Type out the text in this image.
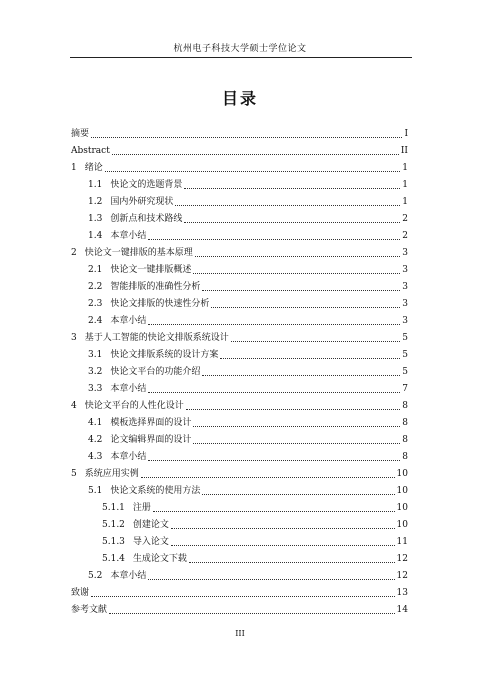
杭州电子科技大学硕士学位论文
目录
摘要	I
Abstract	II
1 绪论	1
1.1 快论文的选题背景	1
1.2 国内外研究现状	1
1.3 创新点和技术路线	2
1.4 本章小结	2
2 快论文一键排版的基本原理	3
2.1 快论文一键排版概述	3
2.2 智能排版的准确性分析	3
2.3 快论文排版的快速性分析	3
2.4 本章小结	3
3 基于人工智能的快论文排版系统设计	5
3.1 快论文排版系统的设计方案	5
3.2 快论文平台的功能介绍	5
3.3 本章小结	7
4 快论文平台的人性化设计	8
4.1 模板选择界面的设计	8
4.2 论文编辑界面的设计	8
4.3 本章小结	8
5 系统应用实例	10
5.1 快论文系统的使用方法	10
5.1.1 注册	10
5.1.2 创建论文	10
5.1.3 导入论文	11
5.1.4 生成论文下载	12
5.2 本章小结	12
致谢	13
参考文献	14
III
